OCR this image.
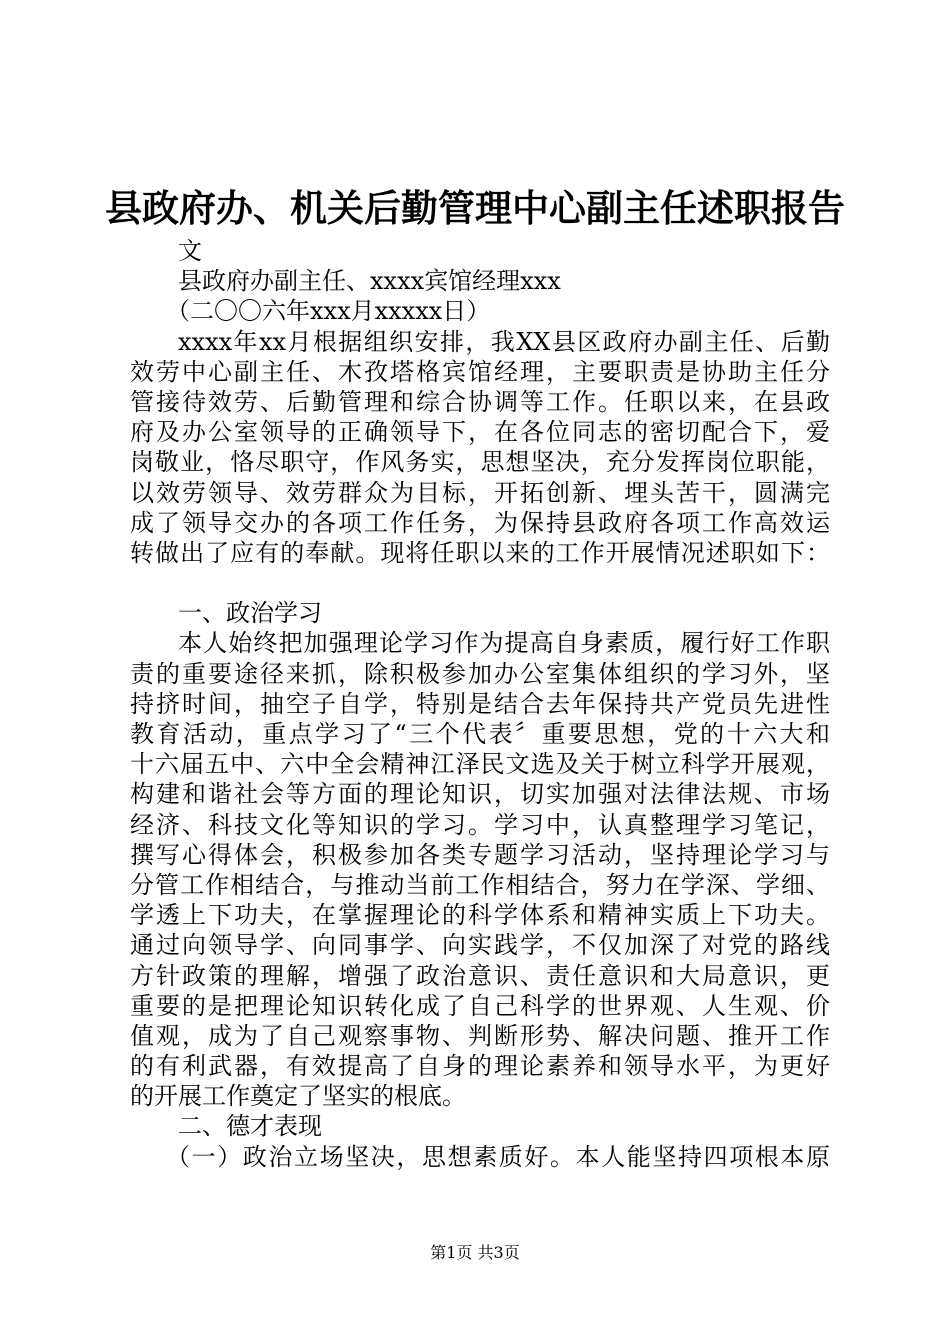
县政府办、机关后勤管理中心副主任述职报告
文
县政府办副主任、xxxx宾馆经理xxx
（二〇〇六年xxx月xxxxx日）
xxxx年xx月根据组织安排，我XX县区政府办副主任、后勤
效劳中心副主任、木孜塔格宾馆经理，主要职责是协助主任分
管接待效劳、后勤管理和综合协调等工作。任职以来，在县政
府及办公室领导的正确领导下，在各位同志的密切配合下，爱
岗敬业，恪尽职守，作风务实，思想坚决，充分发挥岗位职能，
以效劳领导、效劳群众为目标，开拓创新、埋头苦干，圆满完
成了领导交办的各项工作任务，为保持县政府各项工作高效运
转做出了应有的奉献。现将任职以来的工作开展情况述职如下：
一、政治学习
本人始终把加强理论学习作为提高自身素质，履行好工作职
责的重要途径来抓，除积极参加办公室集体组织的学习外，坚
持挤时间，抽空子自学，特别是结合去年保持共产党员先进性
教育活动，重点学习了“三个代表〞重要思想，党的十六大和
十六届五中、六中全会精神江泽民文选及关于树立科学开展观，
构建和谐社会等方面的理论知识，切实加强对法律法规、市场
经济、科技文化等知识的学习。学习中，认真整理学习笔记，
撰写心得体会，积极参加各类专题学习活动，坚持理论学习与
分管工作相结合，与推动当前工作相结合，努力在学深、学细、
学透上下功夫，在掌握理论的科学体系和精神实质上下功夫。
通过向领导学、向同事学、向实践学，不仅加深了对党的路线
方针政策的理解，增强了政治意识、责任意识和大局意识，更
重要的是把理论知识转化成了自己科学的世界观、人生观、价
值观，成为了自己观察事物、判断形势、解决问题、推开工作
的有利武器，有效提高了自身的理论素养和领导水平，为更好
的开展工作奠定了坚实的根底。
二、德才表现
（一）政治立场坚决，思想素质好。本人能坚持四项根本原
第1页 共3页
